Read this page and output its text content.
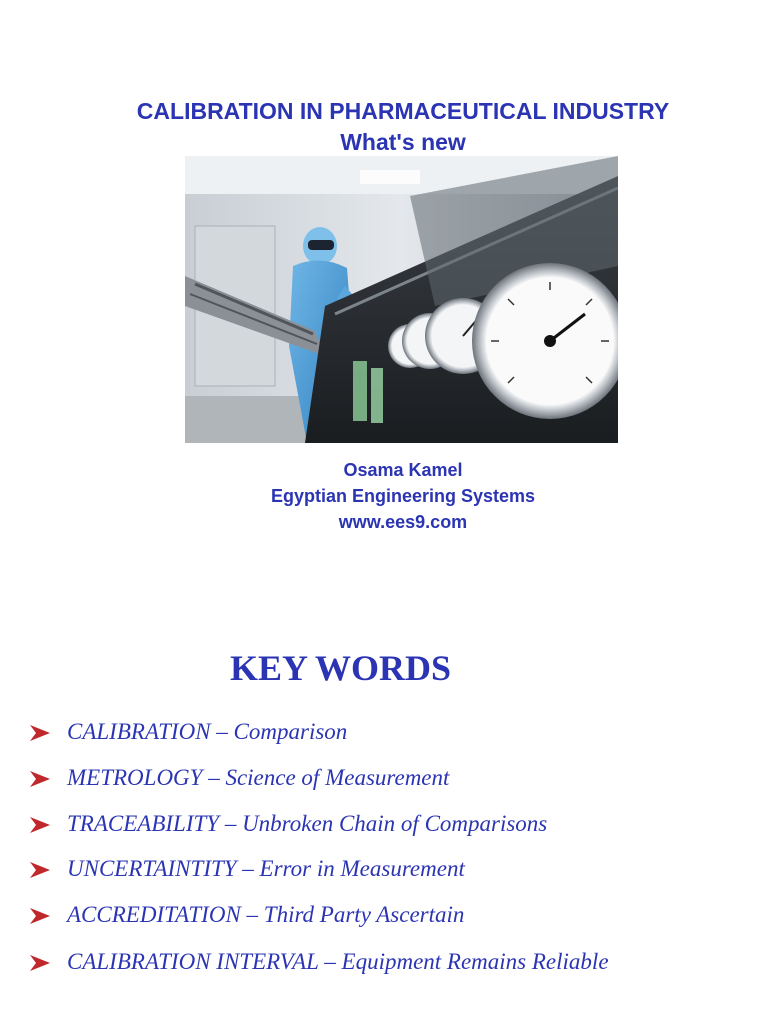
CALIBRATION IN PHARMACEUTICAL INDUSTRY
What's new
Osama Kamel
Egyptian Engineering Systems
www.ees9.com
KEY WORDS
CALIBRATION – Comparison
METROLOGY – Science of Measurement
TRACEABILITY – Unbroken Chain of Comparisons
UNCERTAINTITY – Error in Measurement
ACCREDITATION – Third Party Ascertain
CALIBRATION INTERVAL – Equipment Remains Reliable
